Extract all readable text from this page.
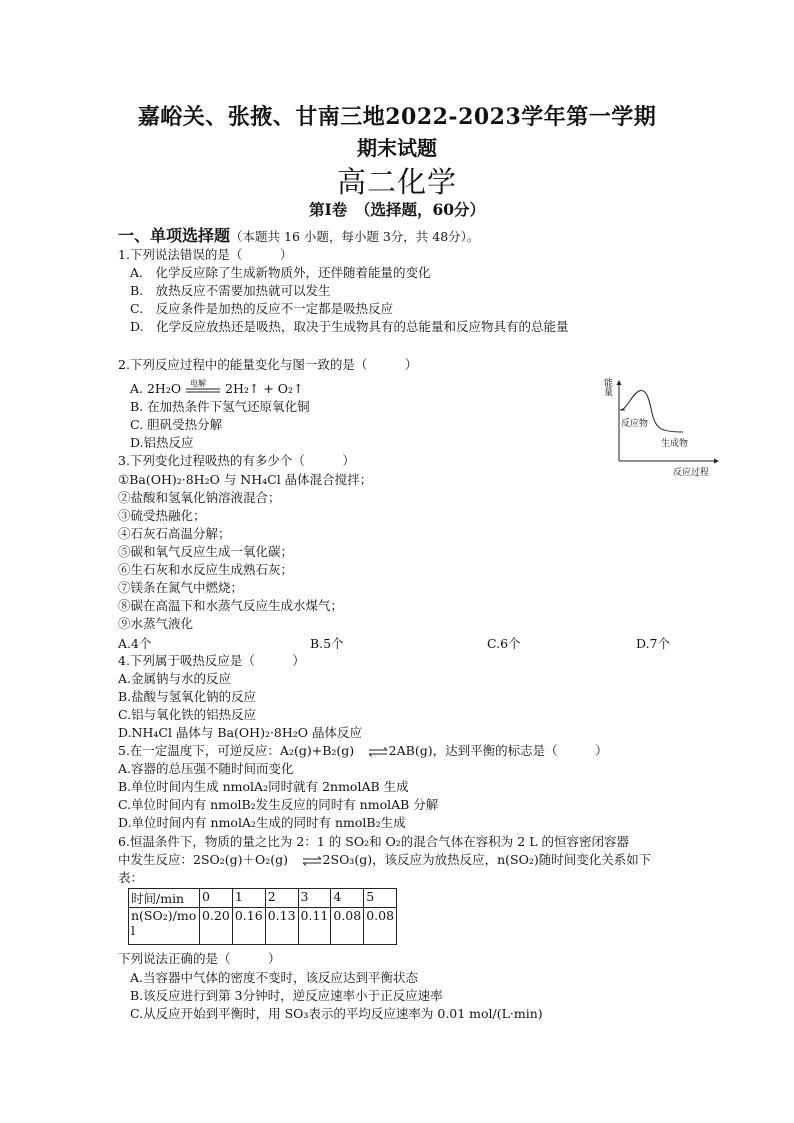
嘉峪关、张掖、甘南三地2022-2023学年第一学期
期末试题
高二化学
第Ⅰ卷　（选择题，60分）
一、单项选择题（本题共 16 小题，每小题 3分，共 48分）。
1.下列说法错误的是（　　　）
A.　化学反应除了生成新物质外，还伴随着能量的变化
B.　放热反应不需要加热就可以发生
C.　反应条件是加热的反应不一定都是吸热反应
D.　化学反应放热还是吸热，取决于生成物具有的总能量和反应物具有的总能量
2.下列反应过程中的能量变化与图一致的是（　　　）
A. 2H₂O 电解 2H₂↑ + O₂↑
B. 在加热条件下氢气还原氧化铜
C. 胆矾受热分解
D.铝热反应
能量
反应物
生成物
反应过程
3.下列变化过程吸热的有多少个（　　　）
①Ba(OH)₂·8H₂O 与 NH₄Cl 晶体混合搅拌；
②盐酸和氢氧化钠溶液混合；
③硫受热融化；
④石灰石高温分解；
⑤碳和氧气反应生成一氧化碳；
⑥生石灰和水反应生成熟石灰；
⑦镁条在氮气中燃烧；
⑧碳在高温下和水蒸气反应生成水煤气；
⑨水蒸气液化
A.4个	B.5个	C.6个	D.7个
4.下列属于吸热反应是（　　　）
A.金属钠与水的反应
B.盐酸与氢氧化钠的反应
C.铝与氧化铁的铝热反应
D.NH₄Cl 晶体与 Ba(OH)₂·8H₂O 晶体反应
5.在一定温度下，可逆反应：A₂(g)+B₂(g)　 ⇌2AB(g)，达到平衡的标志是（　　　）
A.容器的总压强不随时间而变化
B.单位时间内生成 nmolA₂同时就有 2nmolAB 生成
C.单位时间内有 nmolB₂发生反应的同时有 nmolAB 分解
D.单位时间内有 nmolA₂生成的同时有 nmolB₂生成
6.恒温条件下，物质的量之比为 2：1 的 SO₂和 O₂的混合气体在容积为 2 L 的恒容密闭容器
中发生反应：2SO₂(g)＋O₂(g)　 ⇌2SO₃(g)，该反应为放热反应，n(SO₂)随时间变化关系如下
表：
时间/min	0	1	2	3	4	5
n(SO₂)/mol	0.20	0.16	0.13	0.11	0.08	0.08
下列说法正确的是（　　　）
A.当容器中气体的密度不变时，该反应达到平衡状态
B.该反应进行到第 3分钟时，逆反应速率小于正反应速率
C.从反应开始到平衡时，用 SO₃表示的平均反应速率为 0.01 mol/(L·min)
